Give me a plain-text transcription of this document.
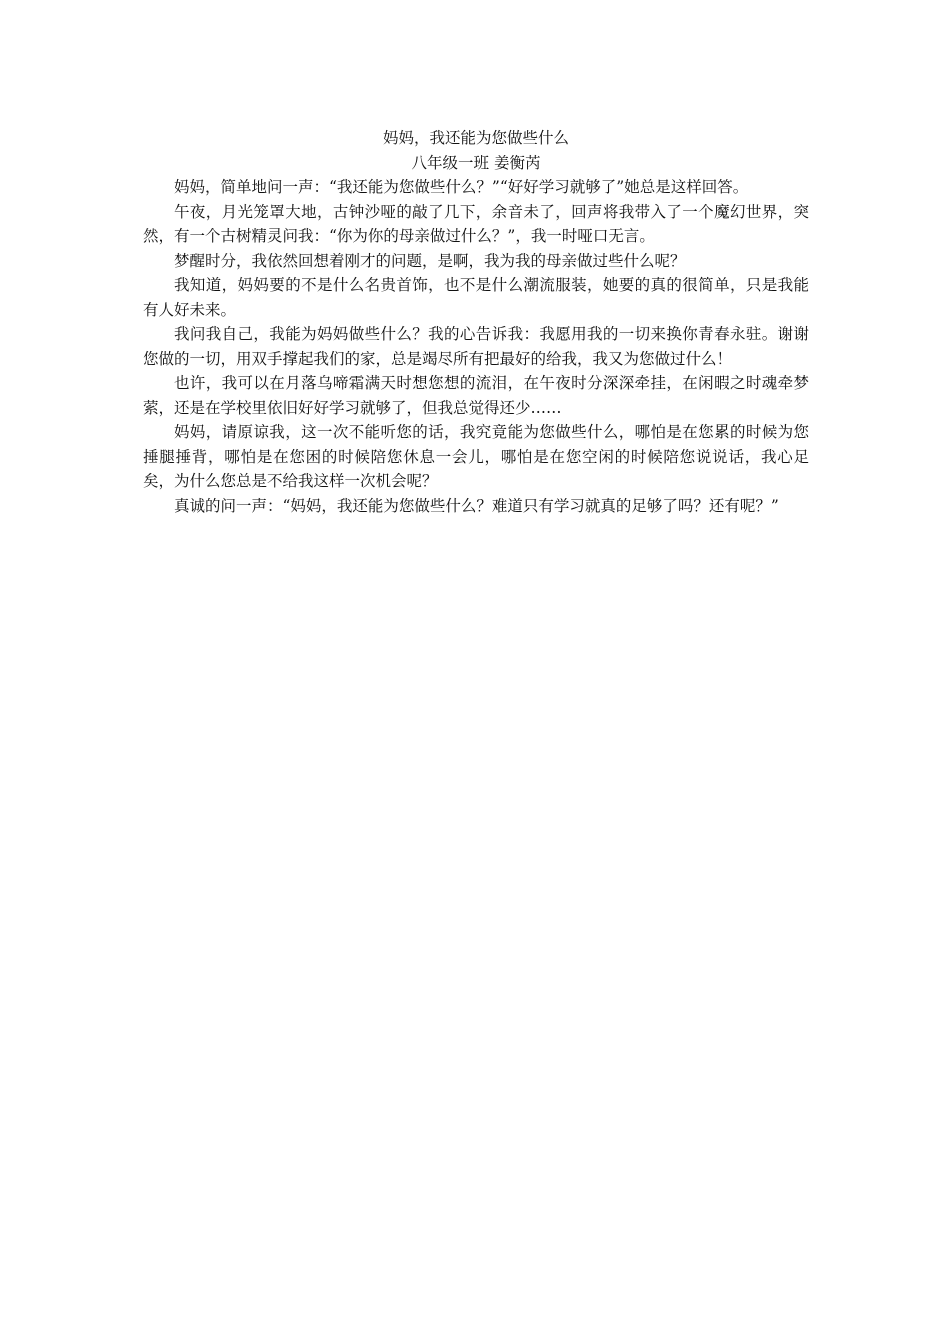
妈妈，我还能为您做些什么
八年级一班 姜衡芮

妈妈，简单地问一声：“我还能为您做些什么？”“好好学习就够了”她总是这样回答。

午夜，月光笼罩大地，古钟沙哑的敲了几下，余音未了，回声将我带入了一个魔幻世界，突然，有一个古树精灵问我：“你为你的母亲做过什么？”，我一时哑口无言。

梦醒时分，我依然回想着刚才的问题，是啊，我为我的母亲做过些什么呢？

我知道，妈妈要的不是什么名贵首饰，也不是什么潮流服装，她要的真的很简单，只是我能有人好未来。

我问我自己，我能为妈妈做些什么？我的心告诉我：我愿用我的一切来换你青春永驻。谢谢您做的一切，用双手撑起我们的家，总是竭尽所有把最好的给我，我又为您做过什么！

也许，我可以在月落乌啼霜满天时想您想的流泪，在午夜时分深深牵挂，在闲暇之时魂牵梦萦，还是在学校里依旧好好学习就够了，但我总觉得还少……

妈妈，请原谅我，这一次不能听您的话，我究竟能为您做些什么，哪怕是在您累的时候为您捶腿捶背，哪怕是在您困的时候陪您休息一会儿，哪怕是在您空闲的时候陪您说说话，我心足矣，为什么您总是不给我这样一次机会呢？

真诚的问一声：“妈妈，我还能为您做些什么？难道只有学习就真的足够了吗？还有呢？”
